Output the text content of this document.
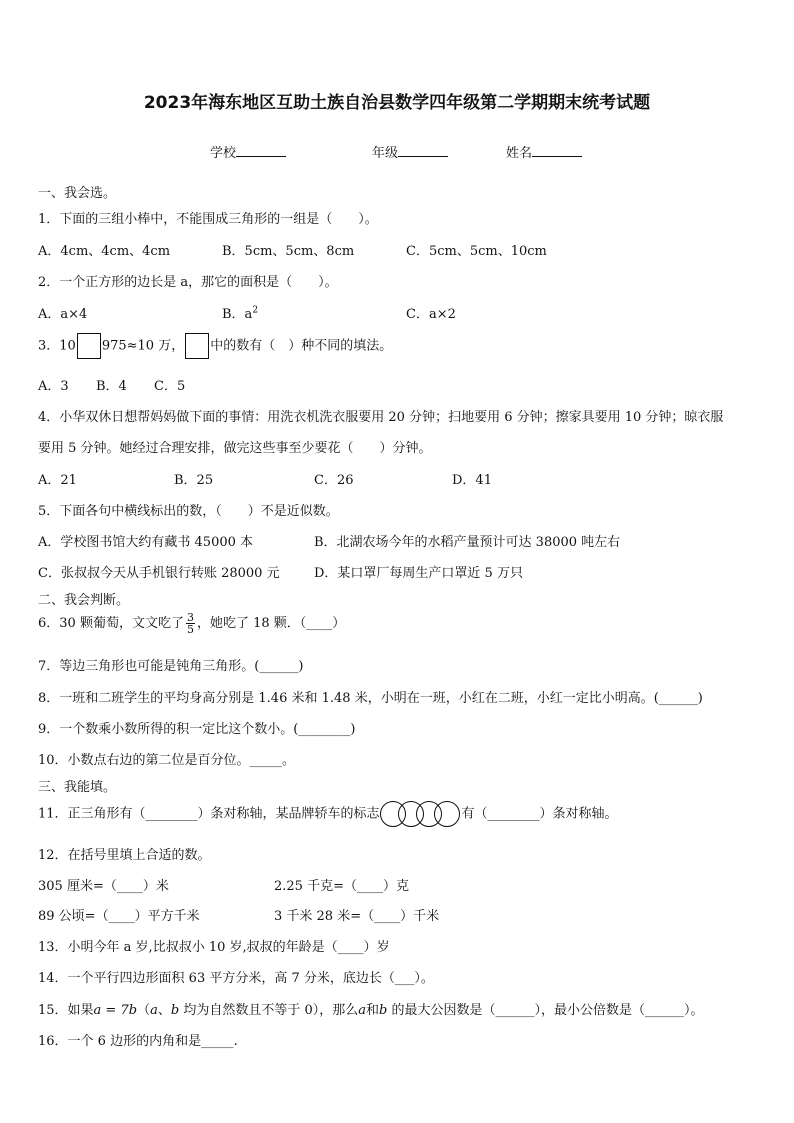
2023年海东地区互助土族自治县数学四年级第二学期期末统考试题
学校	年级	姓名
一、我会选。
1．下面的三组小棒中，不能围成三角形的一组是（　　）。
A．4cm、4cm、4cm	B．5cm、5cm、8cm	C．5cm、5cm、10cm
2．一个正方形的边长是 a，那它的面积是（　　）。
A．a×4	B．$a^2$	C．a×2
3．10 975≈10 万， 中的数有（　）种不同的填法。
A．3 B．4 C．5
4．小华双休日想帮妈妈做下面的事情：用洗衣机洗衣服要用 20 分钟；扫地要用 6 分钟；擦家具要用 10 分钟；晾衣服
要用 5 分钟。她经过合理安排，做完这些事至少要花（　　）分钟。
A．21	B．25	C．26	D．41
5．下面各句中横线标出的数，（　　）不是近似数。
A．学校图书馆大约有藏书 45000 本	B．北湖农场今年的水稻产量预计可达 38000 吨左右
C．张叔叔今天从手机银行转账 28000 元	D．某口罩厂每周生产口罩近 5 万只
二、我会判断。
6．30 颗葡萄，文文吃了 $\frac{3}{5}$ ，她吃了 18 颗．（____）
7．等边三角形也可能是钝角三角形。(______)
8．一班和二班学生的平均身高分别是 1.46 米和 1.48 米，小明在一班，小红在二班，小红一定比小明高。(______)
9．一个数乘小数所得的积一定比这个数小。(________)
10．小数点右边的第二位是百分位。_____。
三、我能填。
11．正三角形有（________）条对称轴，某品牌轿车的标志	有（________）条对称轴。
12．在括号里填上合适的数。
305 厘米=（____）米	2.25 千克=（____）克
89 公顷=（____）平方千米	3 千米 28 米=（____）千米
13．小明今年 a 岁,比叔叔小 10 岁,叔叔的年龄是（____）岁
14．一个平行四边形面积 63 平方分米，高 7 分米，底边长（___）。
15．如果a = 7b（a、b 均为自然数且不等于 0），那么a和b 的最大公因数是（______），最小公倍数是（______）。
16．一个 6 边形的内角和是_____.
